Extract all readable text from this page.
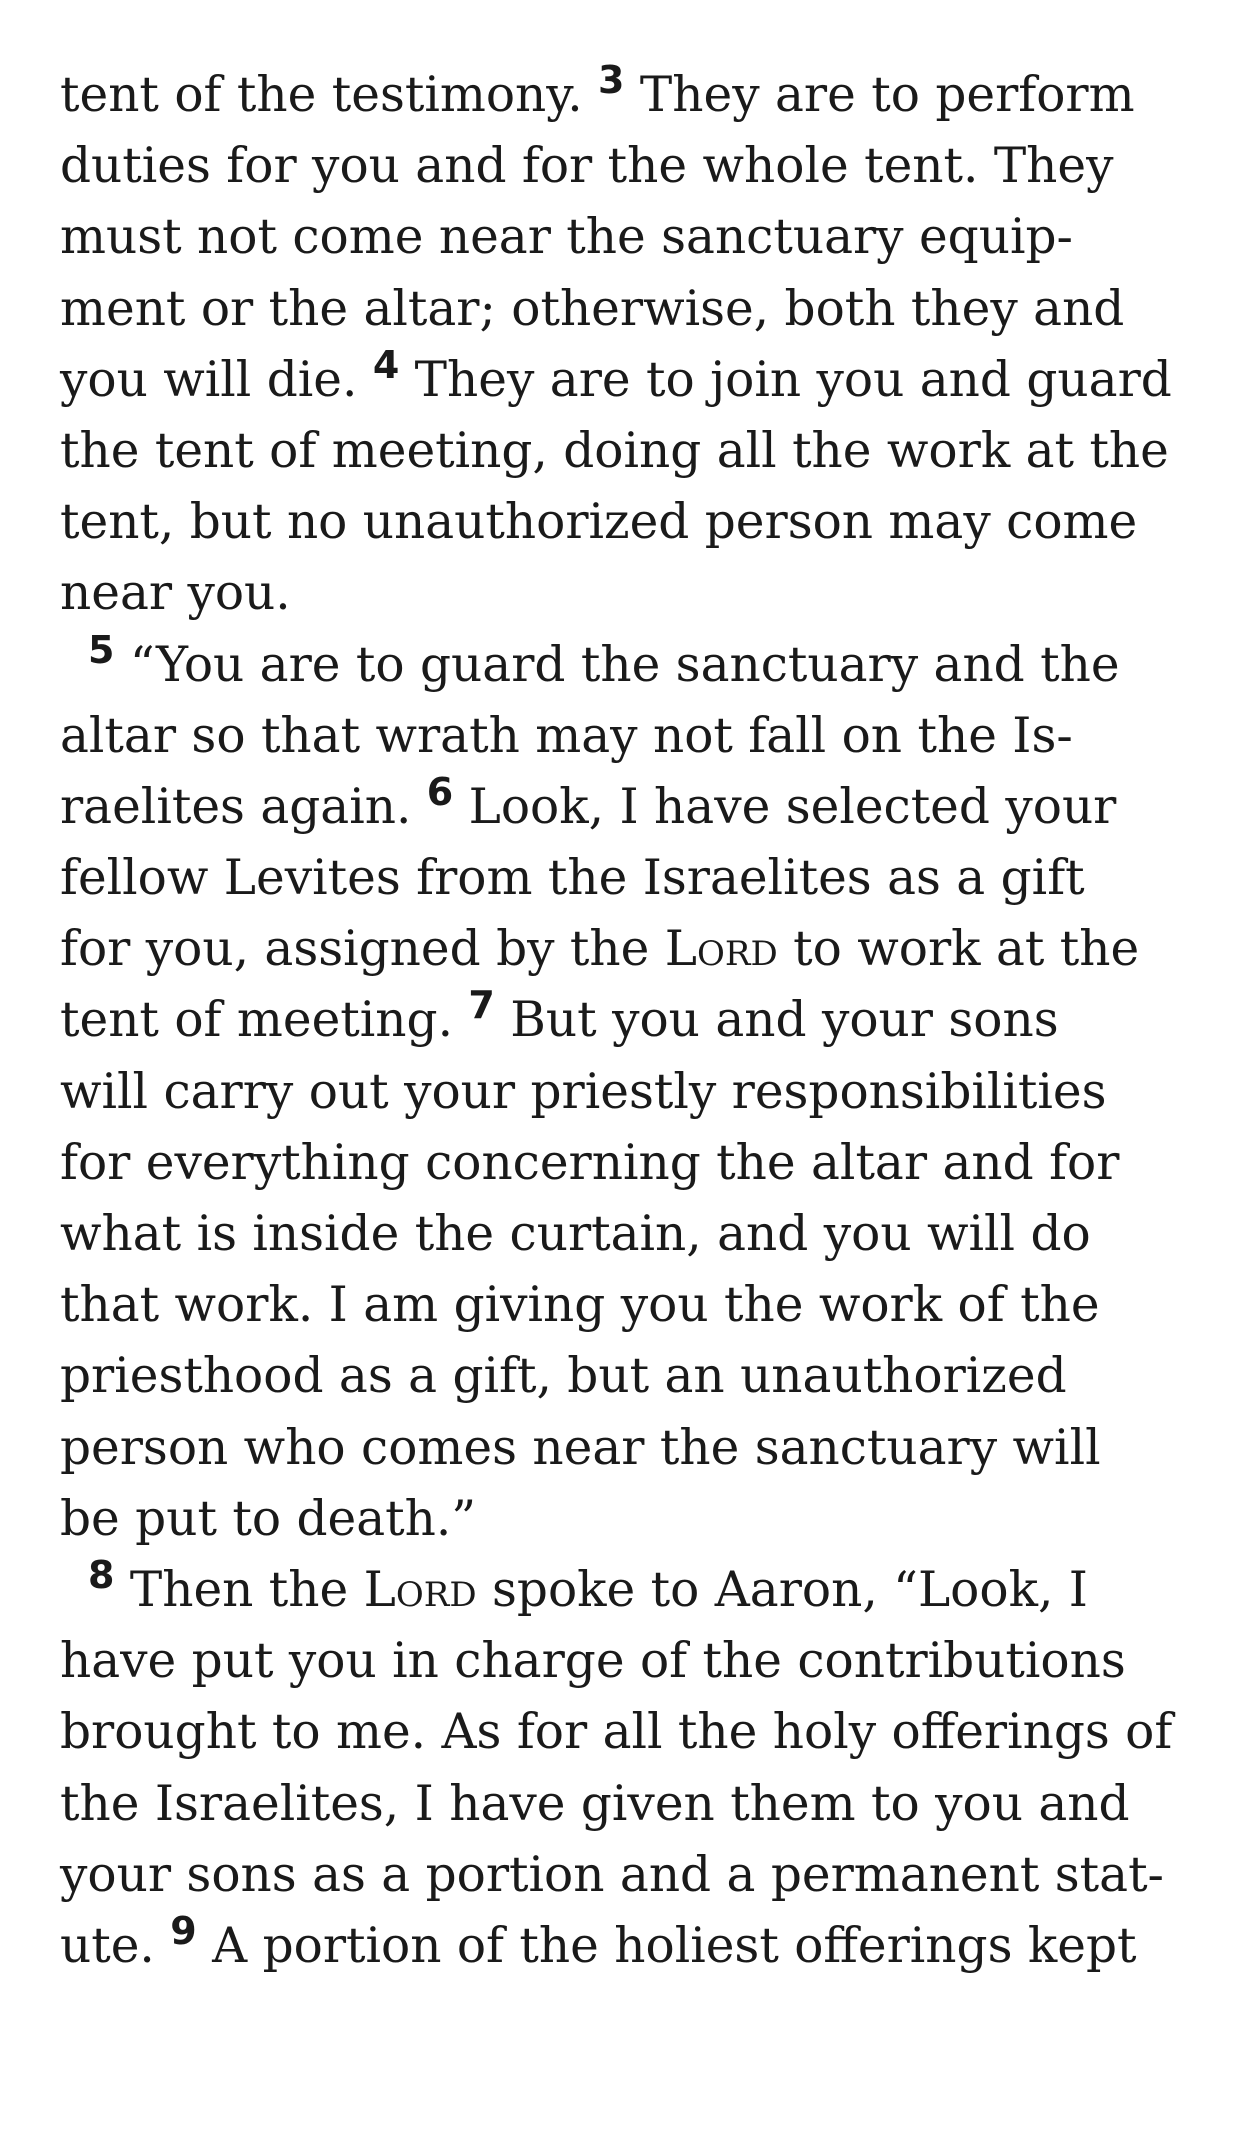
tent of the testimony. $^3$ They are to perform
duties for you and for the whole tent. They
must not come near the sanctuary equip-
ment or the altar; otherwise, both they and
you will die. $^4$ They are to join you and guard
the tent of meeting, doing all the work at the
tent, but no unauthorized person may come
near you.
$^5$ “You are to guard the sanctuary and the
altar so that wrath may not fall on the Is-
raelites again. $^6$ Look, I have selected your
fellow Levites from the Israelites as a gift
for you, assigned by the Lord to work at the
tent of meeting. $^7$ But you and your sons
will carry out your priestly responsibilities
for everything concerning the altar and for
what is inside the curtain, and you will do
that work. I am giving you the work of the
priesthood as a gift, but an unauthorized
person who comes near the sanctuary will
be put to death.”
$^8$ Then the Lord spoke to Aaron, “Look, I
have put you in charge of the contributions
brought to me. As for all the holy offerings of
the Israelites, I have given them to you and
your sons as a portion and a permanent stat-
ute. $^9$ A portion of the holiest offerings kept
